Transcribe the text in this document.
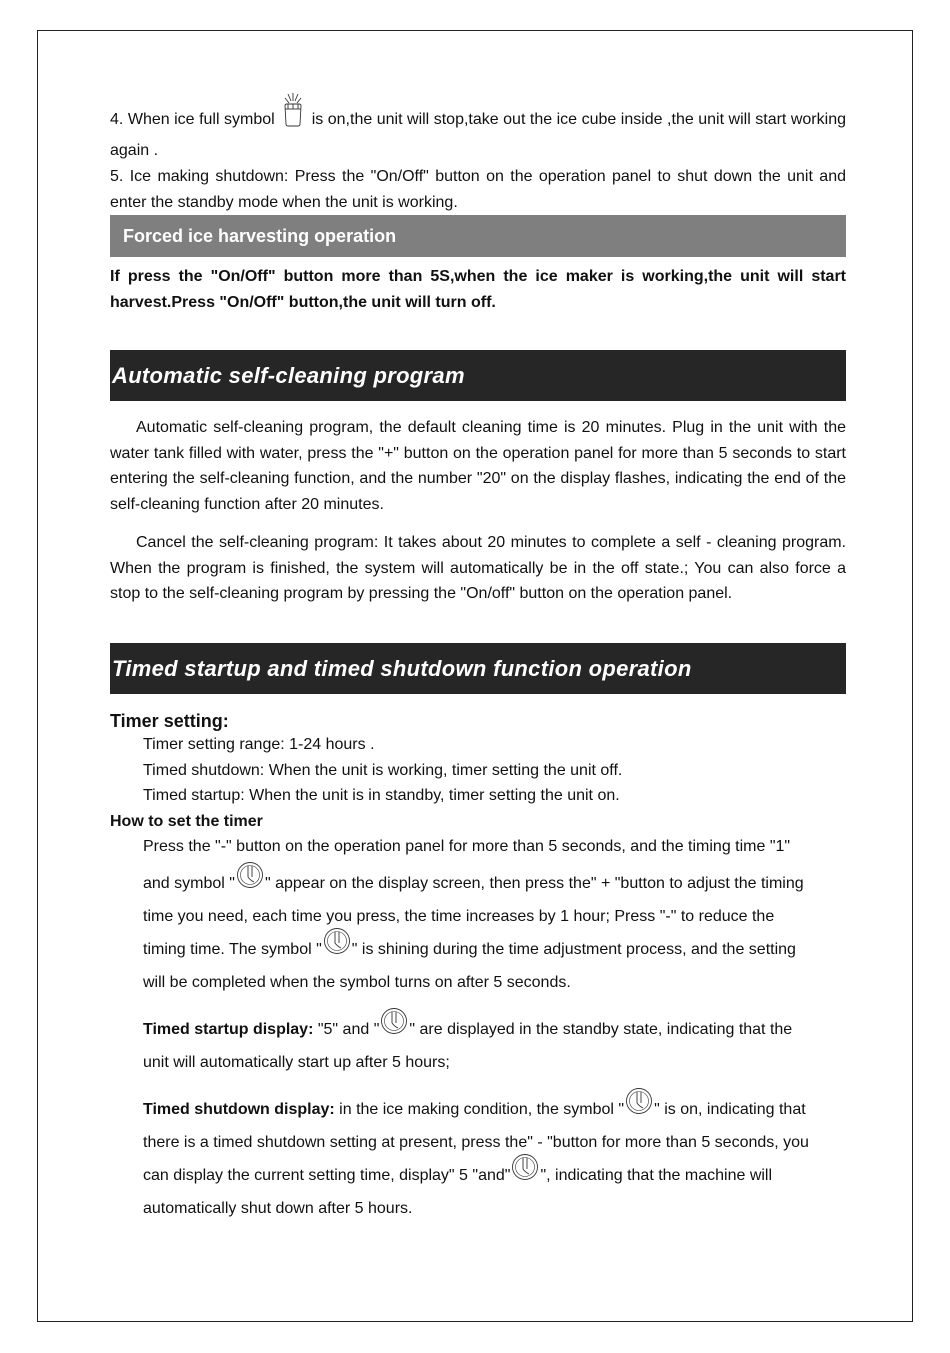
4. When ice full symbol is on,the unit will stop,take out the ice cube inside ,the unit will start working again .

5. Ice making shutdown: Press the "On/Off" button on the operation panel to shut down the unit and enter the standby mode when the unit is working.

Forced ice harvesting operation

If press the "On/Off" button more than 5S,when the ice maker is working,the unit will start harvest.Press "On/Off" button,the unit will turn off.

Automatic self-cleaning program

Automatic self-cleaning program, the default cleaning time is 20 minutes. Plug in the unit with the water tank filled with water, press the "+" button on the operation panel for more than 5 seconds to start entering the self-cleaning function, and the number "20" on the display flashes, indicating the end of the self-cleaning function after 20 minutes.

Cancel the self-cleaning program: It takes about 20 minutes to complete a self - cleaning program. When the program is finished, the system will automatically be in the off state.; You can also force a stop to the self-cleaning program by pressing the "On/off" button on the operation panel.

Timed startup and timed shutdown function operation

Timer setting:

Timer setting range: 1-24 hours .

Timed shutdown: When the unit is working, timer setting the unit off.

Timed startup: When the unit is in standby, timer setting the unit on.

How to set the timer

Press the "-" button on the operation panel for more than 5 seconds, and the timing time "1"

and symbol " " appear on the display screen, then press the" + "button to adjust the timing

time you need, each time you press, the time increases by 1 hour; Press "-" to reduce the

timing time. The symbol " " is shining during the time adjustment process, and the setting

will be completed when the symbol turns on after 5 seconds.

Timed startup display: "5" and " " are displayed in the standby state, indicating that the

unit will automatically start up after 5 hours;

Timed shutdown display: in the ice making condition, the symbol " " is on, indicating that

there is a timed shutdown setting at present, press the" - "button for more than 5 seconds, you

can display the current setting time, display" 5 "and" ", indicating that the machine will

automatically shut down after 5 hours.
